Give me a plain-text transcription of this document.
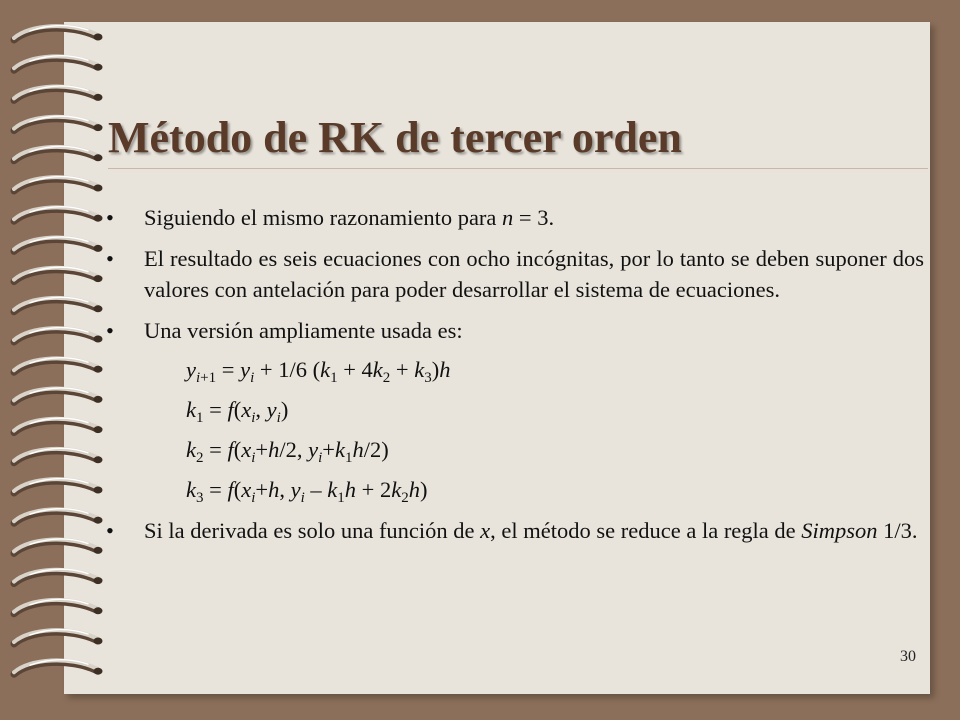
Método de RK de tercer orden

• Siguiendo el mismo razonamiento para n = 3.

• El resultado es seis ecuaciones con ocho incógnitas, por lo tanto se deben suponer dos valores con antelación para poder desarrollar el sistema de ecuaciones.

• Una versión ampliamente usada es:

$y_{i+1} = y_i + 1/6$ $(k_1 + 4k_2 + k_3)h$

$k_1 = f(x_i$, $y_i$)

$k_2 = f(x_i+h/2$, $y_i+k_1h/2$)

$k_3 = f(x_i+h$, $y_i - k_1h + 2k_2h$)

• Si la derivada es solo una función de x, el método se reduce a la regla de Simpson 1/3.

30
